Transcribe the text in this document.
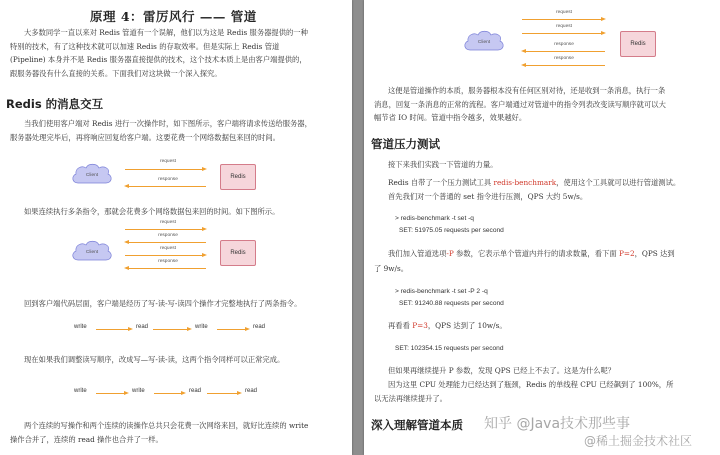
原理 4：雷厉风行 —— 管道
大多数同学一直以来对 Redis 管道有一个误解，他们以为这是 Redis 服务器提供的一种
特别的技术，有了这种技术就可以加速 Redis 的存取效率。但是实际上 Redis 管道
(Pipeline) 本身并不是 Redis 服务器直接提供的技术，这个技术本质上是由客户端提供的，
跟服务器没有什么直接的关系。下面我们对这块做一个深入探究。
Redis 的消息交互
当我们使用客户端对 Redis 进行一次操作时，如下图所示，客户端将请求传送给服务器，
服务器处理完毕后，再将响应回复给客户端。这要花费一个网络数据包来回的时间。
Client
request
response	Redis
如果连续执行多条指令，那就会花费多个网络数据包来回的时间。如下图所示。
Client
request
response
request
response
Redis
回到客户端代码层面，客户端是经历了写-读-写-读四个操作才完整地执行了两条指令。
write	read	write	read
现在如果我们调整读写顺序，改成写—写-读-读，这两个指令同样可以正常完成。
write	write	read	read
两个连续的写操作和两个连续的读操作总共只会花费一次网络来回，就好比连续的 write
操作合并了，连续的 read 操作也合并了一样。
Client
request
request
response
response
Redis
这便是管道操作的本质，服务器根本没有任何区别对待，还是收到一条消息，执行一条
消息，回复一条消息的正常的流程。客户端通过对管道中的指令列表改变读写顺序就可以大
幅节省 IO 时间。管道中指令越多，效果越好。
管道压力测试
接下来我们实践一下管道的力量。
Redis 自带了一个压力测试工具 redis-benchmark，使用这个工具就可以进行管道测试。
首先我们对一个普通的 set 指令进行压测，QPS 大约 5w/s。
> redis-benchmark -t set -q
SET: 51975.05 requests per second
我们加入管道选项-P 参数，它表示单个管道内并行的请求数量，看下面 P=2，QPS 达到
了 9w/s。
> redis-benchmark -t set -P 2 -q
SET: 91240.88 requests per second
再看看 P=3，QPS 达到了 10w/s。
SET: 102354.15 requests per second
但如果再继续提升 P 参数，发现 QPS 已经上不去了。这是为什么呢？
因为这里 CPU 处理能力已经达到了瓶颈，Redis 的单线程 CPU 已经飙到了 100%，所
以无法再继续提升了。
深入理解管道本质 知乎 @Java技术那些事
@稀土掘金技术社区
